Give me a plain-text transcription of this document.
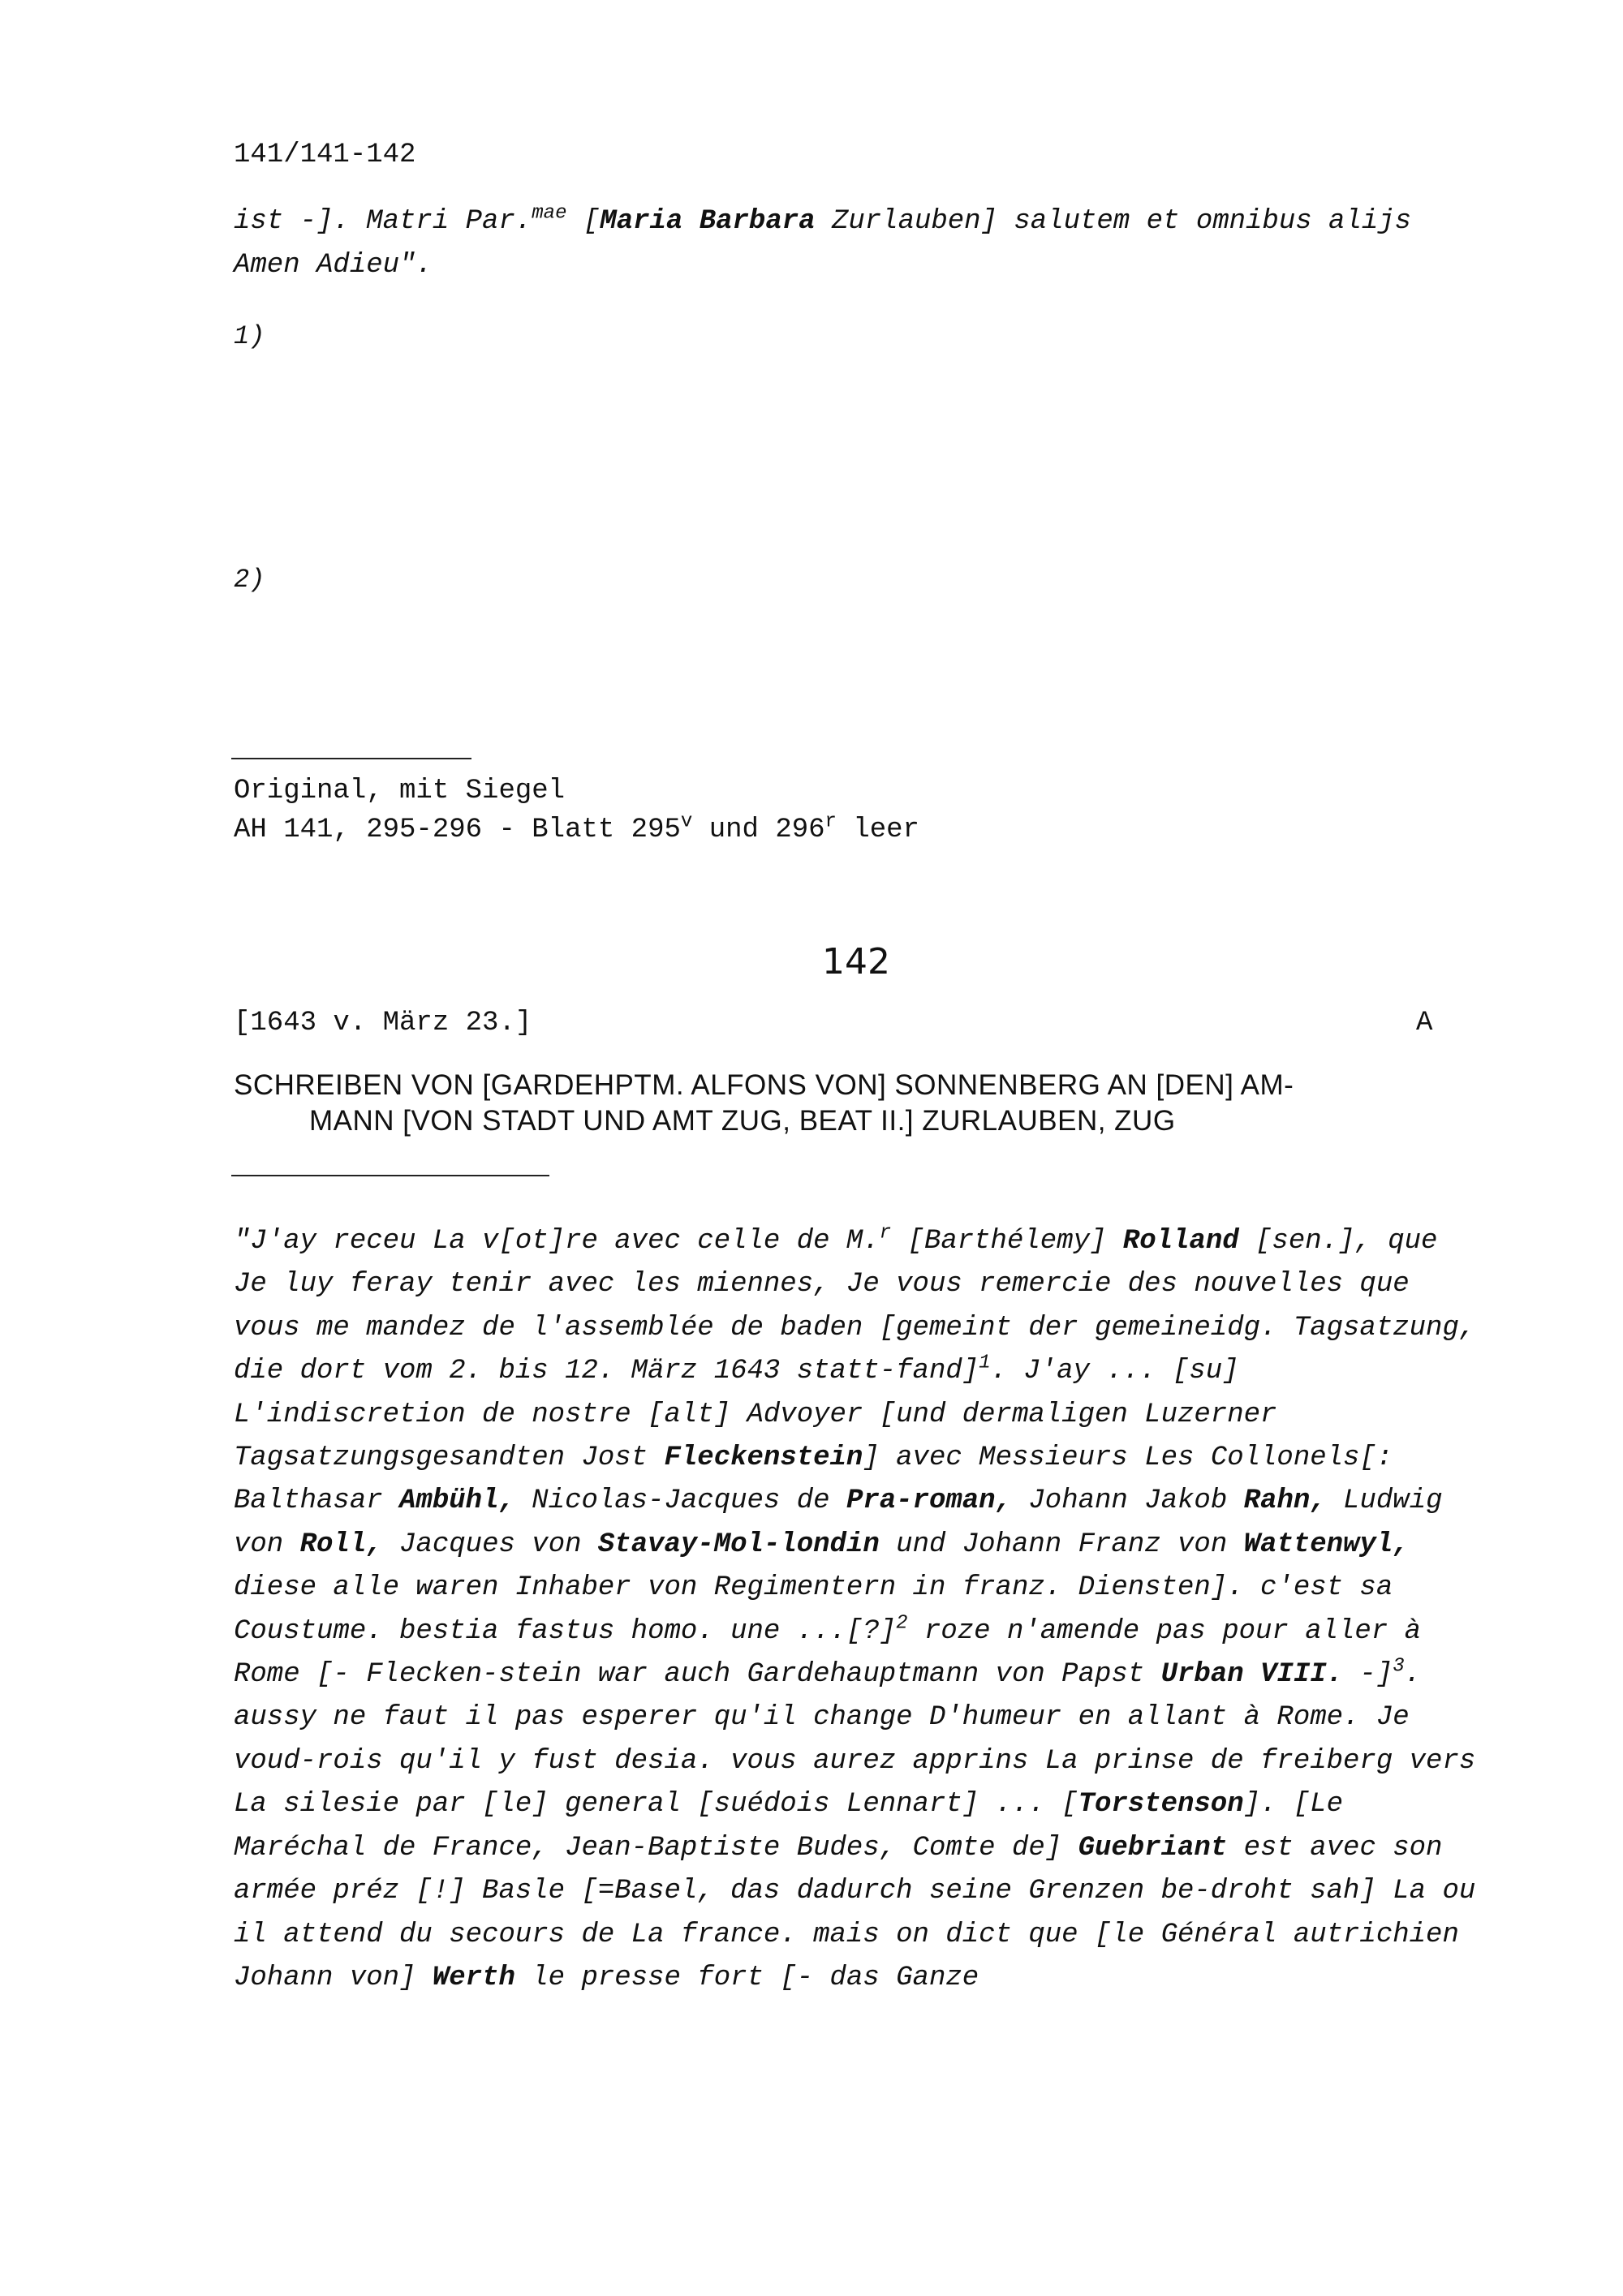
141/141-142
ist -]. Matri Par.$^{mae}$ [Maria Barbara Zurlauben] salutem et omnibus alijs Amen Adieu".
1)
2)
Original, mit Siegel
AH 141, 295-296 - Blatt 295$^v$ und 296$^r$ leer
142
[1643 v. März 23.]	A
SCHREIBEN VON [GARDEHPTM. ALFONS VON] SONNENBERG AN [DEN] AM-
MANN [VON STADT UND AMT ZUG, BEAT II.] ZURLAUBEN, ZUG
"J'ay receu La v[ot]re avec celle de M.$^r$ [Barthélemy] Rolland [sen.], que Je luy feray tenir avec les miennes, Je vous remercie des nouvelles que vous me mandez de l'assemblée de baden [gemeint der gemeineidg. Tagsatzung, die dort vom 2. bis 12. März 1643 statt-fand]$^1$. J'ay ... [su] L'indiscretion de nostre [alt] Advoyer [und dermaligen Luzerner Tagsatzungsgesandten Jost Fleckenstein] avec Messieurs Les Collonels[: Balthasar Ambühl, Nicolas-Jacques de Pra-roman, Johann Jakob Rahn, Ludwig von Roll, Jacques von Stavay-Mol-londin und Johann Franz von Wattenwyl, diese alle waren Inhaber von Regimentern in franz. Diensten]. c'est sa Coustume. bestia fastus homo. une ...[?]$^2$ roze n'amende pas pour aller à Rome [- Flecken-stein war auch Gardehauptmann von Papst Urban VIII. -]$^3$. aussy ne faut il pas esperer qu'il change D'humeur en allant à Rome. Je voud-rois qu'il y fust desia. vous aurez apprins La prinse de freiberg vers La silesie par [le] general [suédois Lennart] ... [Torstenson]. [Le Maréchal de France, Jean-Baptiste Budes, Comte de] Guebriant est avec son armée préz [!] Basle [=Basel, das dadurch seine Grenzen be-droht sah] La ou il attend du secours de La france. mais on dict que [le Général autrichien Johann von] Werth le presse fort [- das Ganze
